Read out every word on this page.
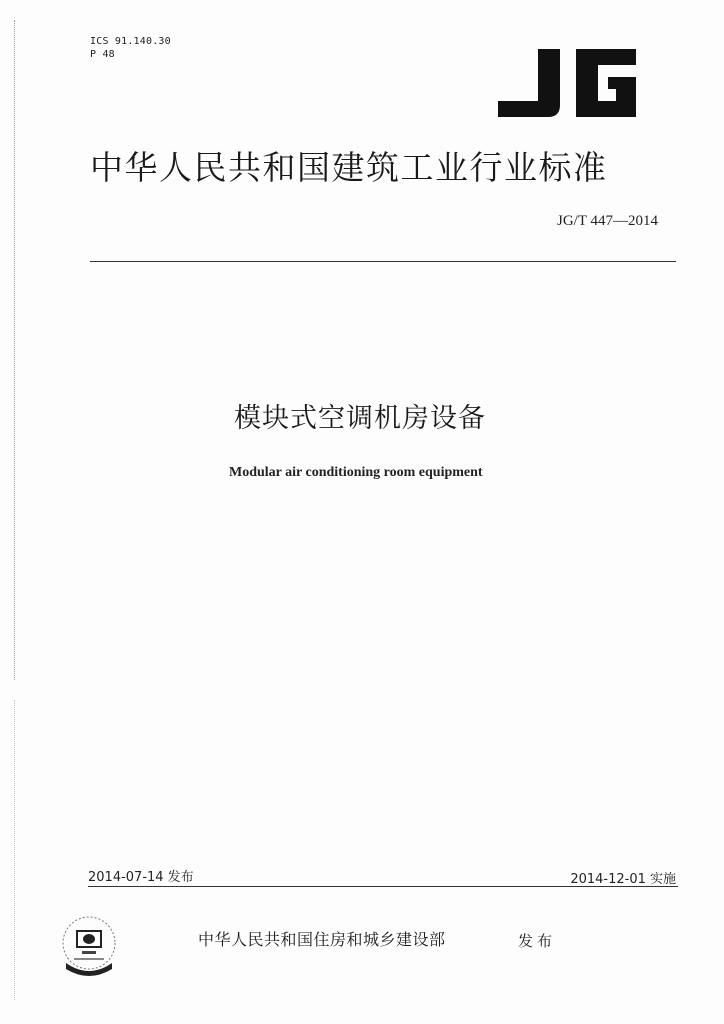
ICS 91.140.30
P 48
中华人民共和国建筑工业行业标准
JG/T 447—2014
模块式空调机房设备
Modular air conditioning room equipment
2014-07-14 发布	2014-12-01 实施
中华人民共和国住房和城乡建设部	发布
